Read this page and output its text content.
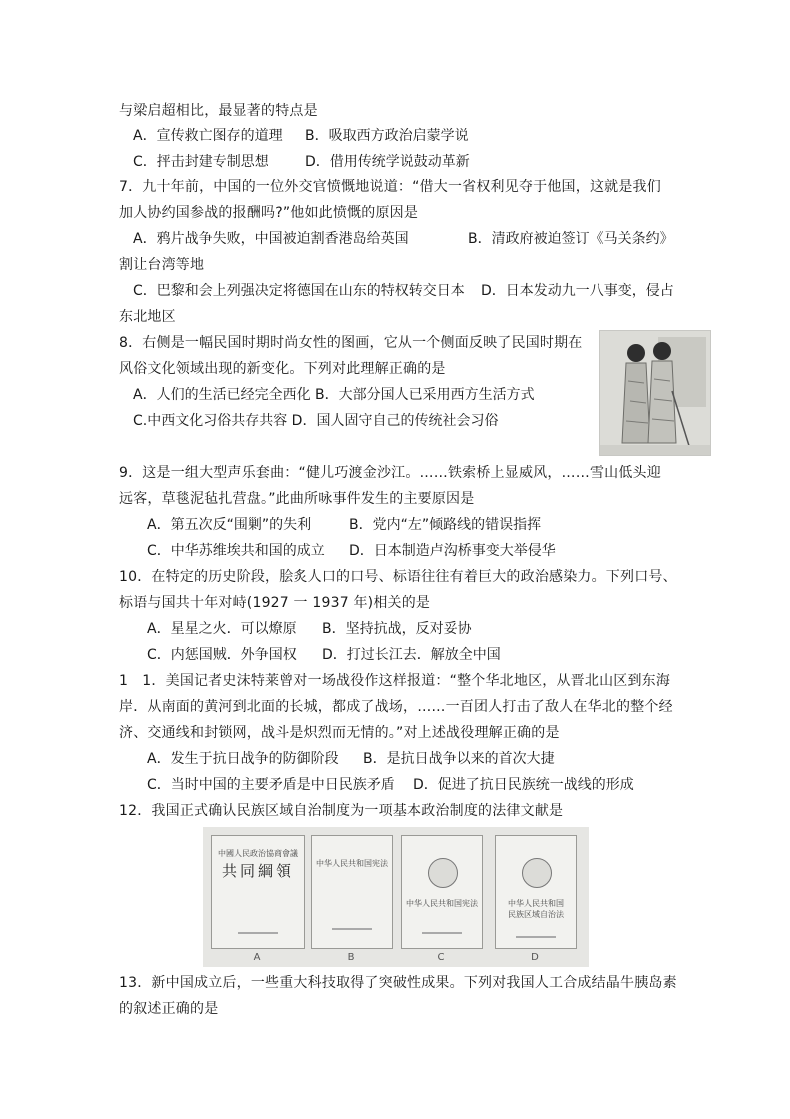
与梁启超相比，最显著的特点是
A．宣传救亡图存的道理 B．吸取西方政治启蒙学说
C．抨击封建专制思想	D．借用传统学说鼓动革新
7．九十年前，中国的一位外交官愤慨地说道：“借大一省权利见夺于他国，这就是我们
加人协约国参战的报酬吗?”他如此愤慨的原因是
A．鸦片战争失败，中国被迫割香港岛给英国	B．清政府被迫签订《马关条约》
割让台湾等地
C．巴黎和会上列强决定将德国在山东的特权转交日本 D．日本发动九一八事变，侵占
东北地区
8．右侧是一幅民国时期时尚女性的图画，它从一个侧面反映了民国时期在
风俗文化领域出现的新变化。下列对此理解正确的是
A．人们的生活已经完全西化 B．大部分国人已采用西方生活方式
C.中西文化习俗共存共容 D．国人固守自己的传统社会习俗
9．这是一组大型声乐套曲：“健儿巧渡金沙江。……铁索桥上显威风，……雪山低头迎
远客，草毯泥毡扎营盘。”此曲所咏事件发生的主要原因是
A．第五次反“围剿”的失利	B．党内“左”倾路线的错误指挥
C．中华苏维埃共和国的成立 D．日本制造卢沟桥事变大举侵华
10．在特定的历史阶段，脍炙人口的口号、标语往往有着巨大的政治感染力。下列口号、
标语与国共十年对峙(1927 一 1937 年)相关的是
A．星星之火．可以燎原 B．坚持抗战，反对妥协
C．内惩国贼．外争国权 D．打过长江去．解放全中国
1　1．美国记者史沫特莱曾对一场战役作这样报道：“整个华北地区，从晋北山区到东海
岸．从南面的黄河到北面的长城，都成了战场，……一百团人打击了敌人在华北的整个经
济、交通线和封锁网，战斗是炽烈而无情的。”对上述战役理解正确的是
A．发生于抗日战争的防御阶段 B．是抗日战争以来的首次大捷
C．当时中国的主要矛盾是中日民族矛盾 D．促进了抗日民族统一战线的形成
12．我国正式确认民族区域自治制度为一项基本政治制度的法律文献是
中國人民政治協商會議
共同綱領
A
中华人民共和国宪法
B
中华人民共和国宪法
C
中华人民共和国民族区域自治法
D
13．新中国成立后，一些重大科技取得了突破性成果。下列对我国人工合成结晶牛胰岛素
的叙述正确的是
